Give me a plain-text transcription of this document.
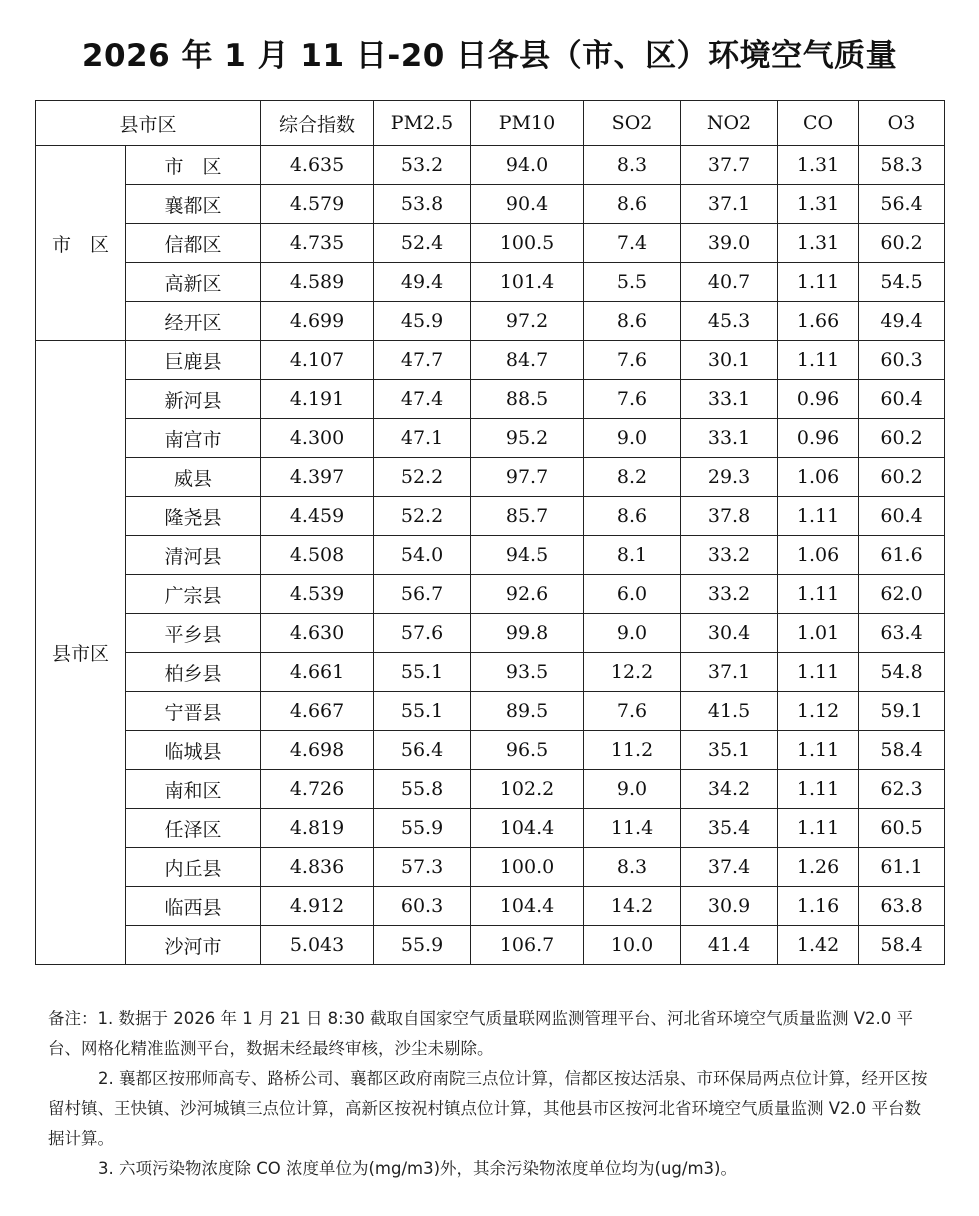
2026 年 1 月 11 日-20 日各县（市、区）环境空气质量
县市区		综合指数	PM2.5	PM10	SO2	NO2	CO	O3
市　区	市　区	4.635	53.2	94.0	8.3	37.7	1.31	58.3
	襄都区	4.579	53.8	90.4	8.6	37.1	1.31	56.4
	信都区	4.735	52.4	100.5	7.4	39.0	1.31	60.2
	高新区	4.589	49.4	101.4	5.5	40.7	1.11	54.5
	经开区	4.699	45.9	97.2	8.6	45.3	1.66	49.4
县市区	巨鹿县	4.107	47.7	84.7	7.6	30.1	1.11	60.3
	新河县	4.191	47.4	88.5	7.6	33.1	0.96	60.4
	南宫市	4.300	47.1	95.2	9.0	33.1	0.96	60.2
	威县	4.397	52.2	97.7	8.2	29.3	1.06	60.2
	隆尧县	4.459	52.2	85.7	8.6	37.8	1.11	60.4
	清河县	4.508	54.0	94.5	8.1	33.2	1.06	61.6
	广宗县	4.539	56.7	92.6	6.0	33.2	1.11	62.0
	平乡县	4.630	57.6	99.8	9.0	30.4	1.01	63.4
	柏乡县	4.661	55.1	93.5	12.2	37.1	1.11	54.8
	宁晋县	4.667	55.1	89.5	7.6	41.5	1.12	59.1
	临城县	4.698	56.4	96.5	11.2	35.1	1.11	58.4
	南和区	4.726	55.8	102.2	9.0	34.2	1.11	62.3
	任泽区	4.819	55.9	104.4	11.4	35.4	1.11	60.5
	内丘县	4.836	57.3	100.0	8.3	37.4	1.26	61.1
	临西县	4.912	60.3	104.4	14.2	30.9	1.16	63.8
	沙河市	5.043	55.9	106.7	10.0	41.4	1.42	58.4

备注：1. 数据于 2026 年 1 月 21 日 8:30 截取自国家空气质量联网监测管理平台、河北省环境空气质量监测 V2.0 平台、网格化精准监测平台，数据未经最终审核，沙尘未剔除。

2. 襄都区按邢师高专、路桥公司、襄都区政府南院三点位计算，信都区按达活泉、市环保局两点位计算，经开区按留村镇、王快镇、沙河城镇三点位计算，高新区按祝村镇点位计算，其他县市区按河北省环境空气质量监测 V2.0 平台数据计算。

3. 六项污染物浓度除 CO 浓度单位为(mg/m3)外，其余污染物浓度单位均为(ug/m3)。
